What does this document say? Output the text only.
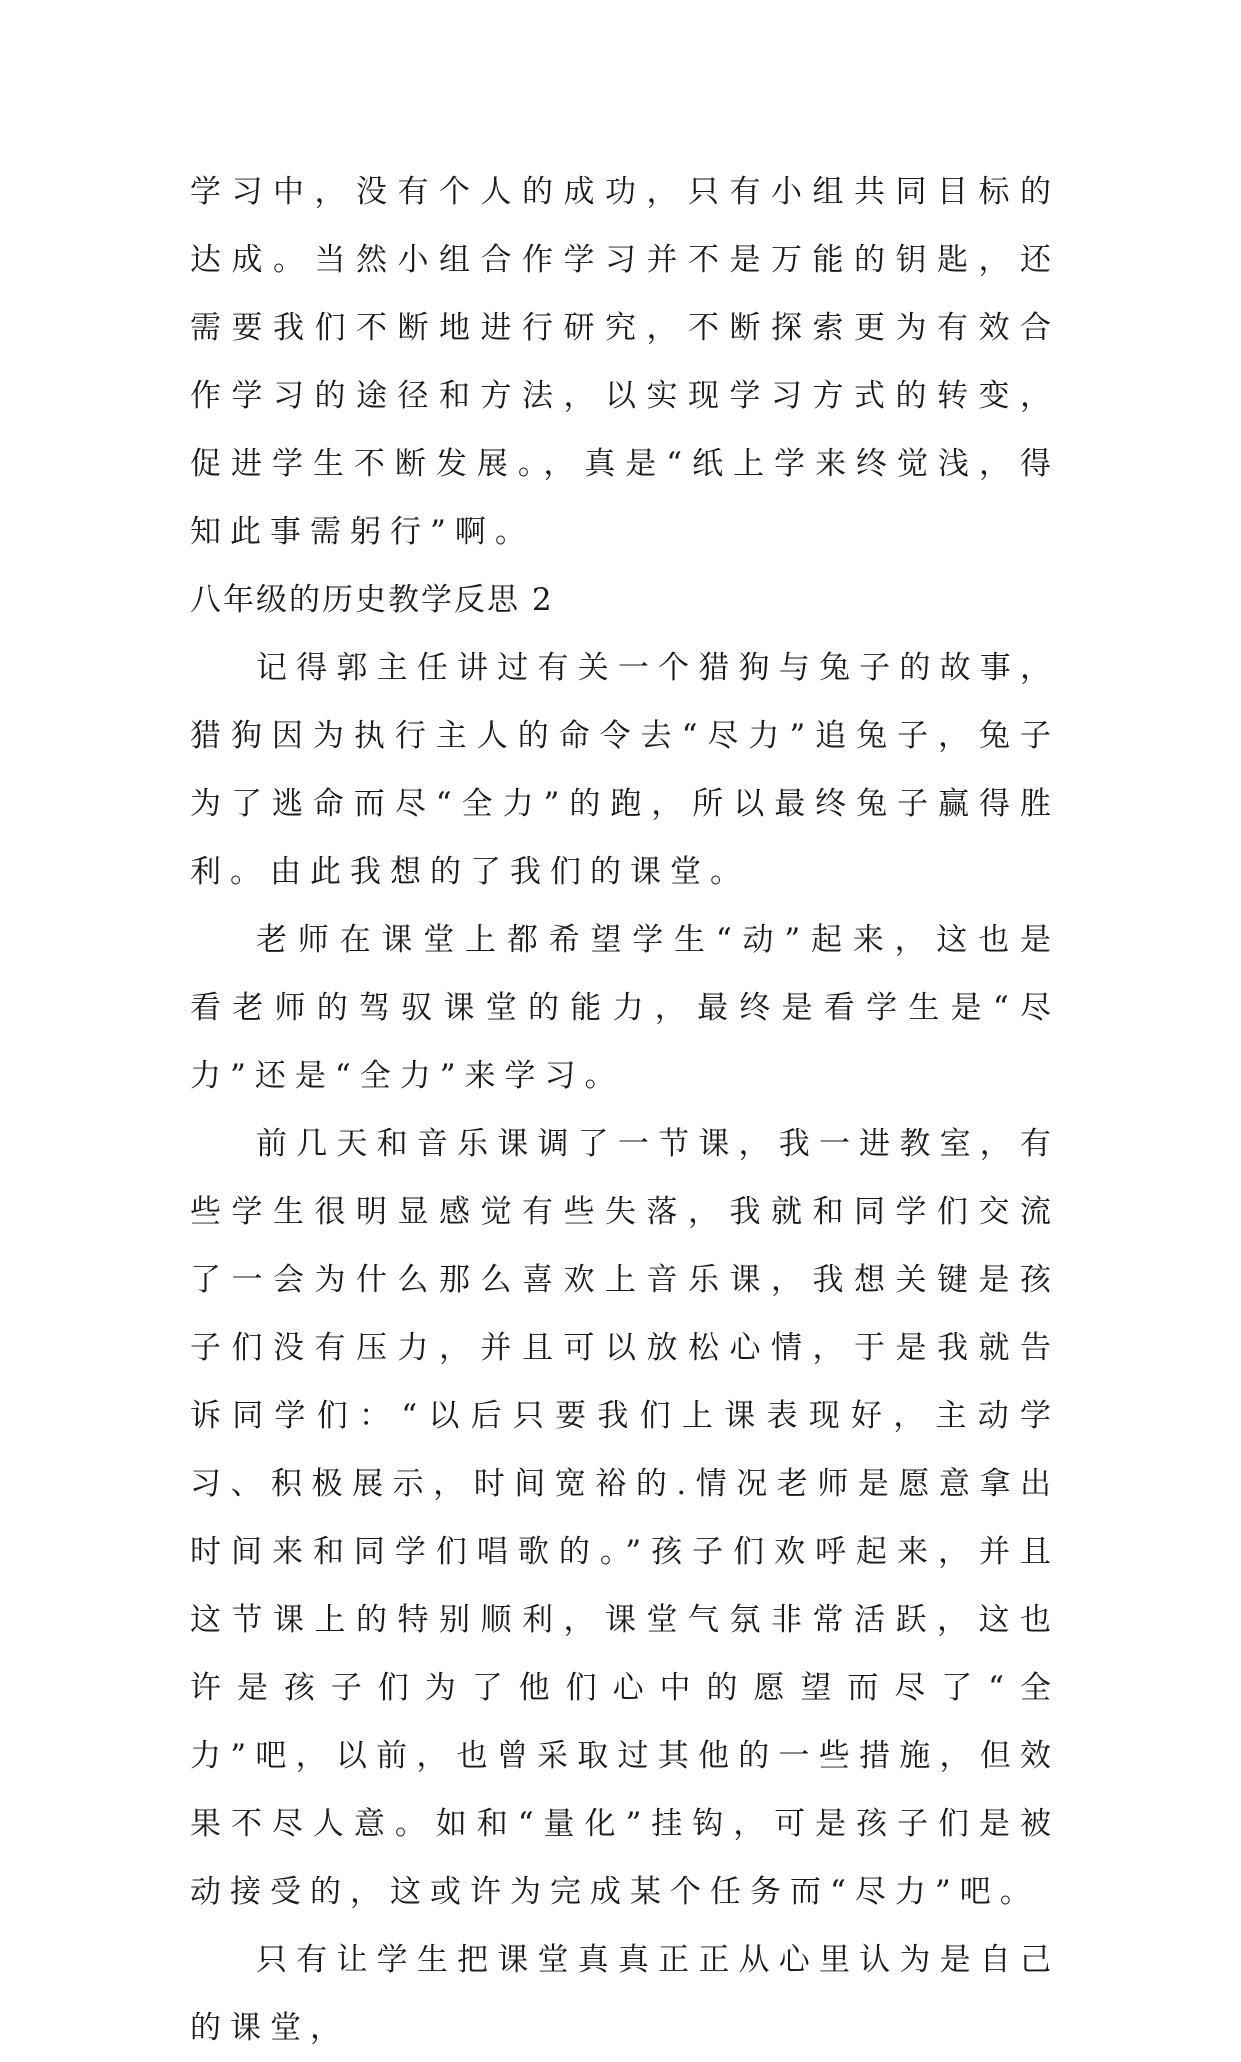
学习中，没有个人的成功，只有小组共同目标的达成。当然小组合作学习并不是万能的钥匙，还需要我们不断地进行研究，不断探索更为有效合作学习的途径和方法，以实现学习方式的转变，促进学生不断发展。，真是“纸上学来终觉浅，得知此事需躬行”啊。

八年级的历史教学反思 2

记得郭主任讲过有关一个猎狗与兔子的故事，猎狗因为执行主人的命令去“尽力”追兔子，兔子为了逃命而尽“全力”的跑，所以最终兔子赢得胜利。由此我想的了我们的课堂。

老师在课堂上都希望学生“动”起来，这也是看老师的驾驭课堂的能力，最终是看学生是“尽力”还是“全力”来学习。

前几天和音乐课调了一节课，我一进教室，有些学生很明显感觉有些失落，我就和同学们交流了一会为什么那么喜欢上音乐课，我想关键是孩子们没有压力，并且可以放松心情，于是我就告诉同学们：“以后只要我们上课表现好，主动学习、积极展示，时间宽裕的.情况老师是愿意拿出时间来和同学们唱歌的。”孩子们欢呼起来，并且这节课上的特别顺利，课堂气氛非常活跃，这也许是孩子们为了他们心中的愿望而尽了“全力”吧，以前，也曾采取过其他的一些措施，但效果不尽人意。如和“量化”挂钩，可是孩子们是被动接受的，这或许为完成某个任务而“尽力”吧。

只有让学生把课堂真真正正从心里认为是自己的课堂，
